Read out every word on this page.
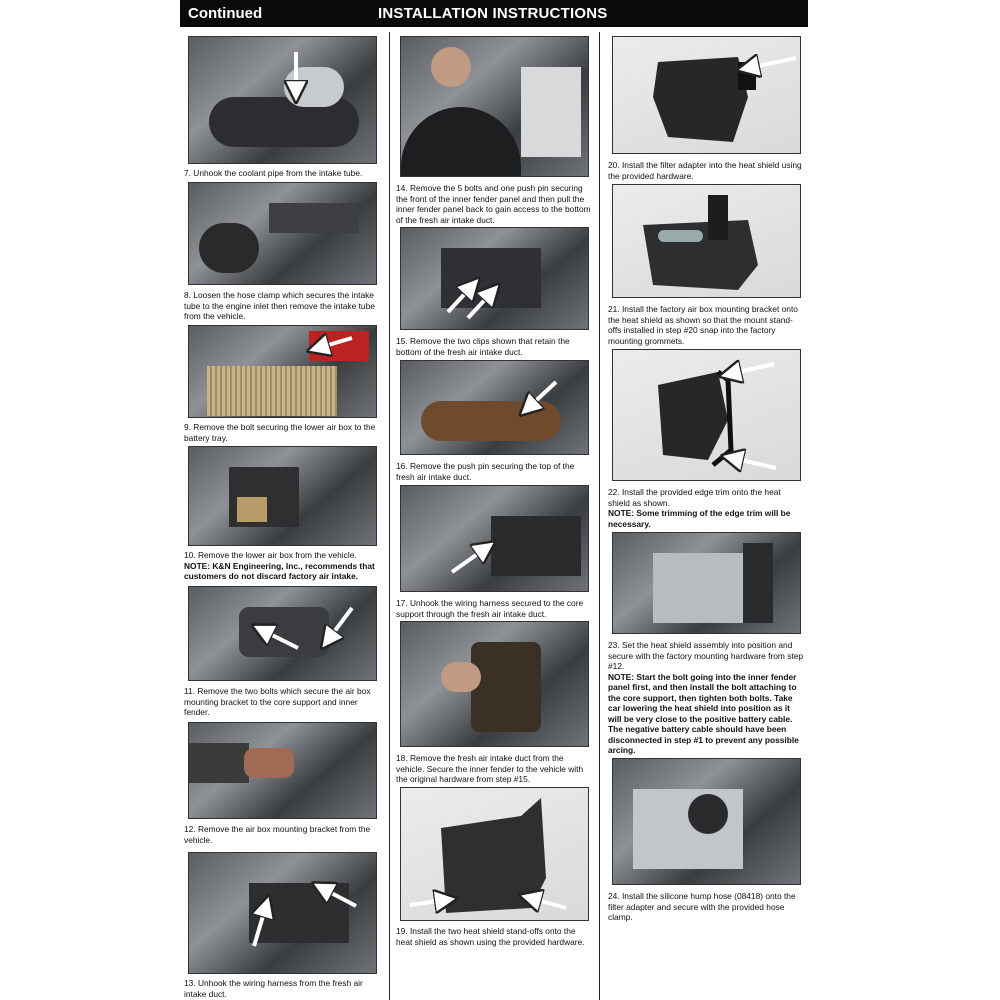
Continued	INSTALLATION INSTRUCTIONS

7. Unhook the coolant pipe from the intake tube.

8. Loosen the hose clamp which secures the intake tube to the engine inlet then remove the intake tube from the vehicle.

9. Remove the bolt securing the lower air box to the battery tray.

10. Remove the lower air box from the vehicle.
NOTE: K&N Engineering, Inc., recommends that customers do not discard factory air intake.

11. Remove the two bolts which secure the air box mounting bracket to the core support and inner fender.

12. Remove the air box mounting bracket from the vehicle.

13. Unhook the wiring harness from the fresh air intake duct.

14. Remove the 5 bolts and one push pin securing the front of the inner fender panel and then pull the inner fender panel back to gain access to the bottom of the fresh air intake duct.

15. Remove the two clips shown that retain the bottom of the fresh air intake duct.

16. Remove the push pin securing the top of the fresh air intake duct.

17. Unhook the wiring harness secured to the core support through the fresh air intake duct.

18. Remove the fresh air intake duct from the vehicle. Secure the inner fender to the vehicle with the original hardware from step #15.

19. Install the two heat shield stand-offs onto the heat shield as shown using the provided hardware.

20. Install the filter adapter into the heat shield using the provided hardware.

21. Install the factory air box mounting bracket onto the heat shield as shown so that the mount stand-offs installed in step #20 snap into the factory mounting grommets.

22. Install the provided edge trim onto the heat shield as shown.
NOTE: Some trimming of the edge trim will be necessary.

23. Set the heat shield assembly into position and secure with the factory mounting hardware from step #12.
NOTE: Start the bolt going into the inner fender panel first, and then install the bolt attaching to the core support, then tighten both bolts. Take car lowering the heat shield into position as it will be very close to the positive battery cable. The negative battery cable should have been disconnected in step #1 to prevent any possible arcing.

24. Install the silicone hump hose (08418) onto the filter adapter and secure with the provided hose clamp.
